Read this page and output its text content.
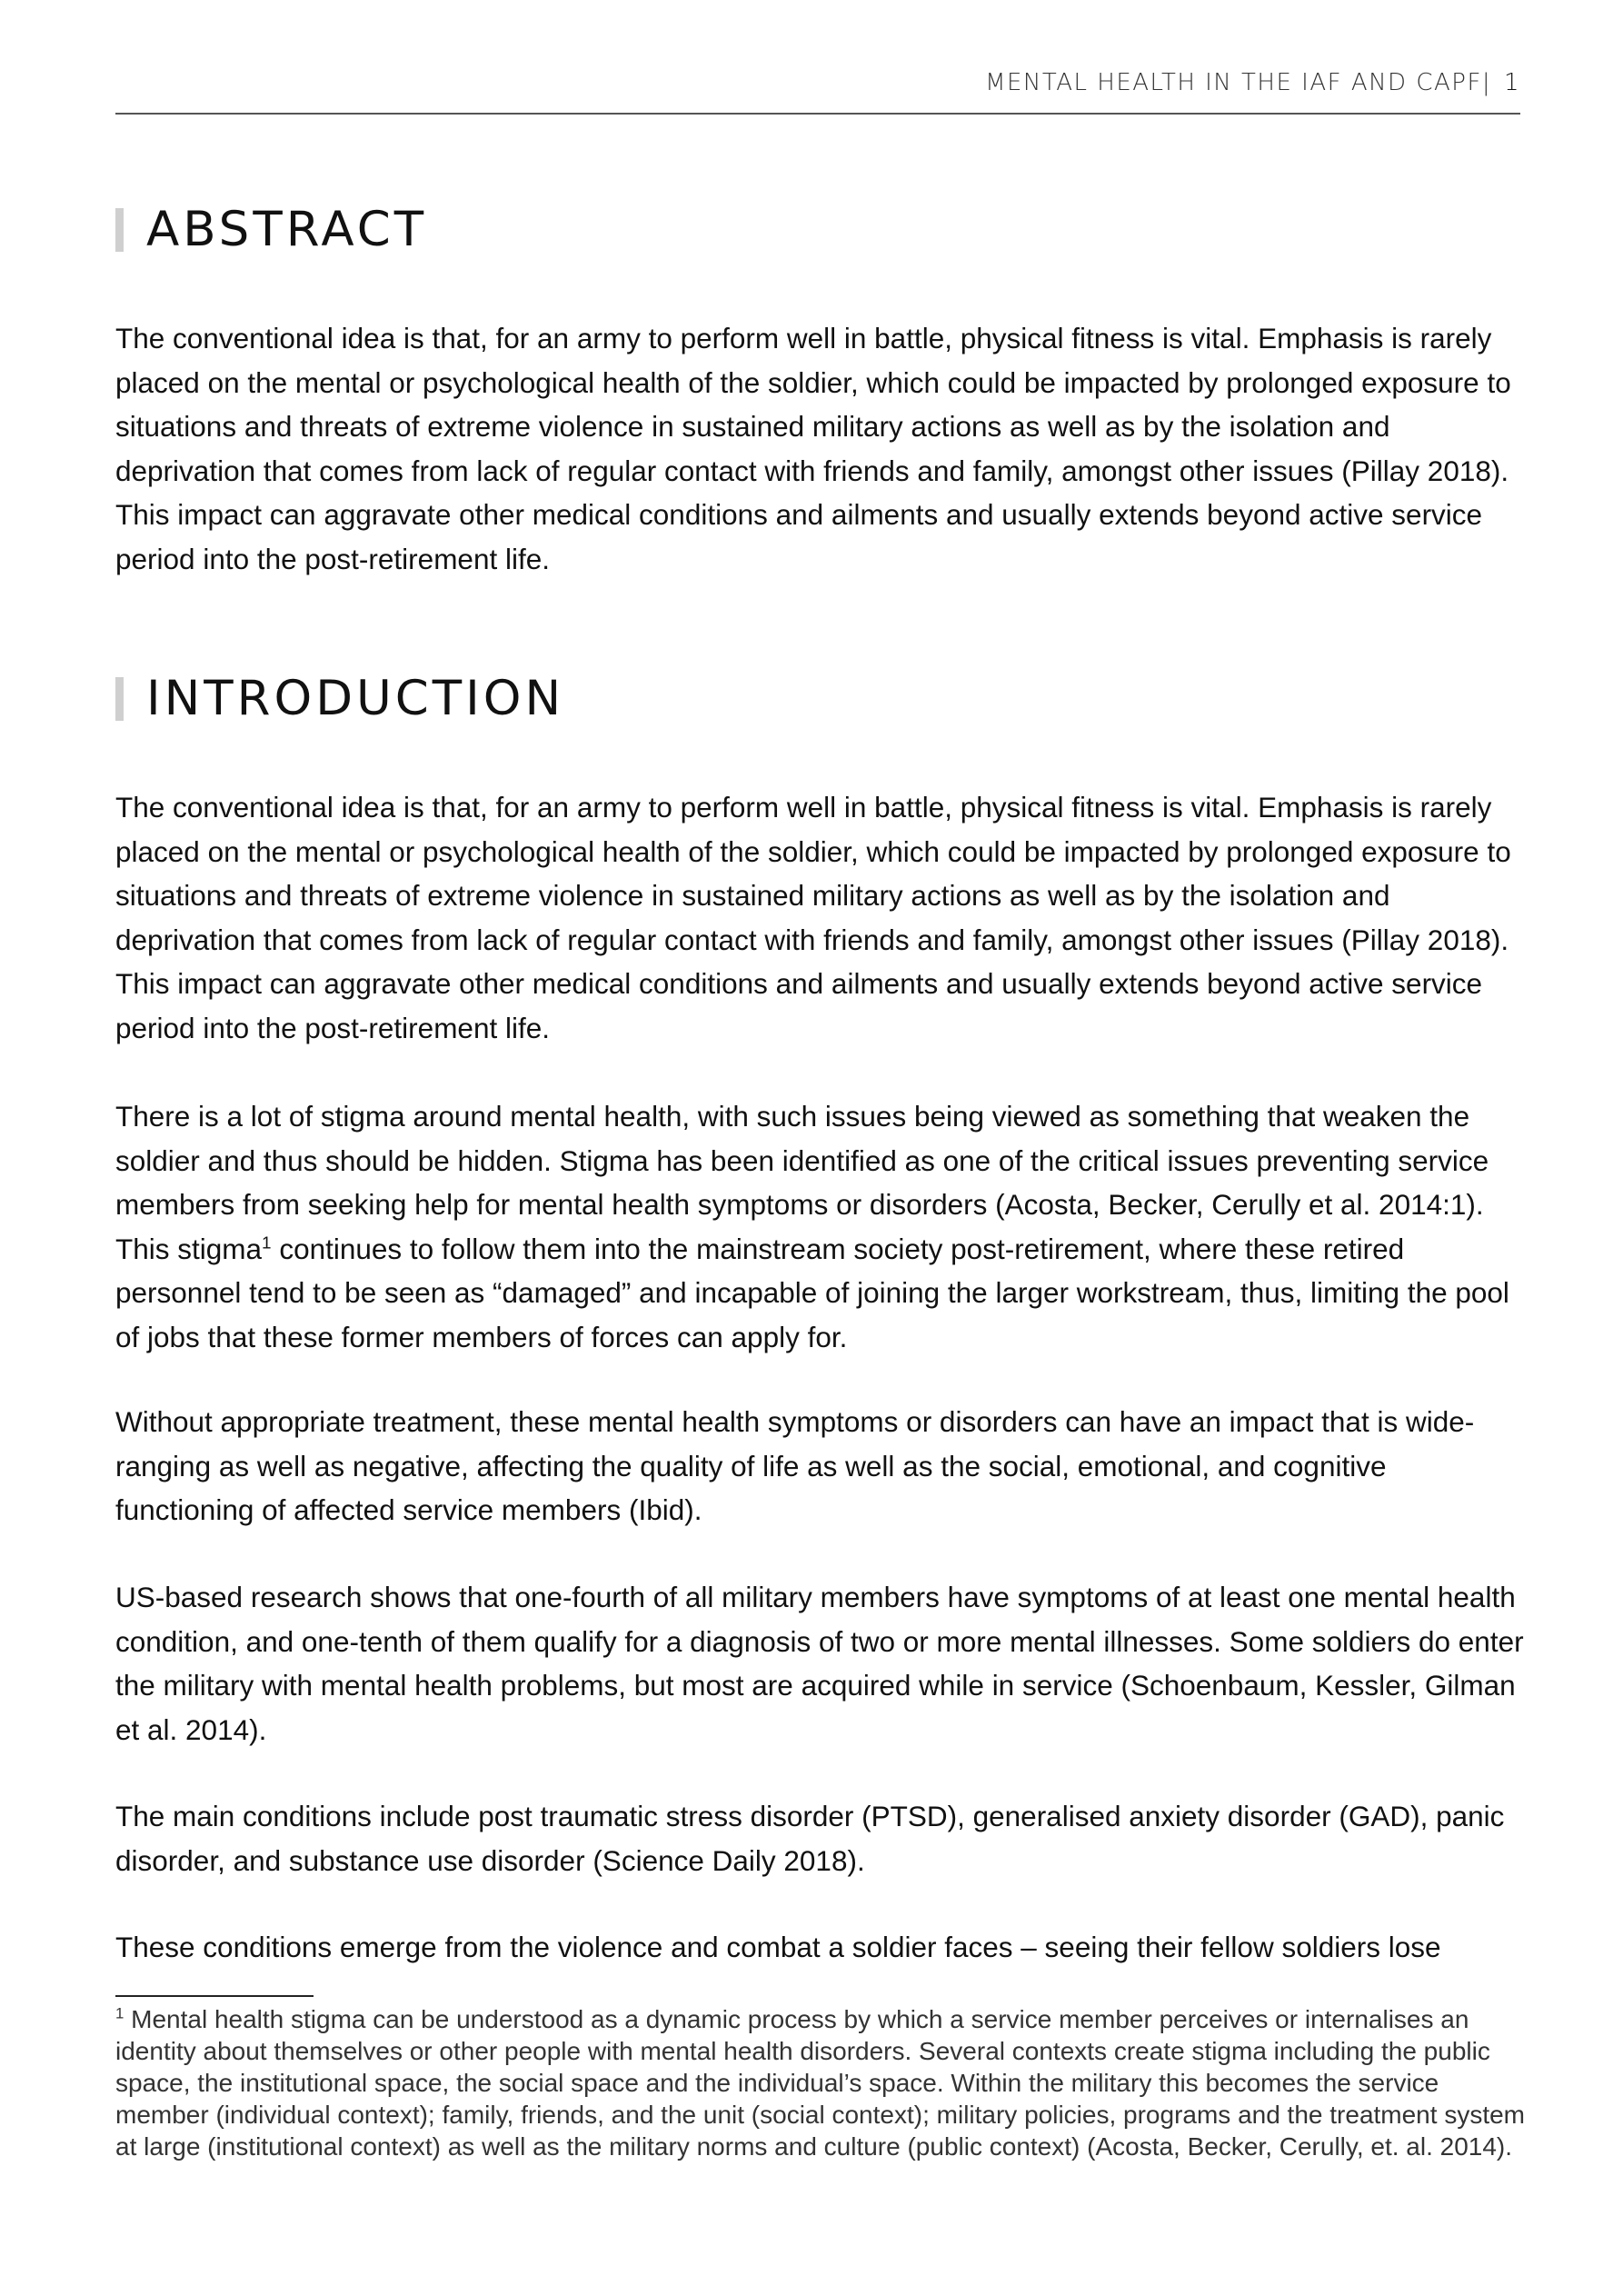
MENTAL HEALTH IN THE IAF AND CAPF| 1
ABSTRACT

The conventional idea is that, for an army to perform well in battle, physical fitness is vital. Emphasis is rarely placed on the mental or psychological health of the soldier, which could be impacted by prolonged exposure to situations and threats of extreme violence in sustained military actions as well as by the isolation and deprivation that comes from lack of regular contact with friends and family, amongst other issues (Pillay 2018). This impact can aggravate other medical conditions and ailments and usually extends beyond active service period into the post-retirement life.

INTRODUCTION

The conventional idea is that, for an army to perform well in battle, physical fitness is vital. Emphasis is rarely placed on the mental or psychological health of the soldier, which could be impacted by prolonged exposure to situations and threats of extreme violence in sustained military actions as well as by the isolation and deprivation that comes from lack of regular contact with friends and family, amongst other issues (Pillay 2018). This impact can aggravate other medical conditions and ailments and usually extends beyond active service period into the post-retirement life.

There is a lot of stigma around mental health, with such issues being viewed as something that weaken the soldier and thus should be hidden. Stigma has been identified as one of the critical issues preventing service members from seeking help for mental health symptoms or disorders (Acosta, Becker, Cerully et al. 2014:1). This stigma$^1$ continues to follow them into the mainstream society post-retirement, where these retired personnel tend to be seen as “damaged” and incapable of joining the larger workstream, thus, limiting the pool of jobs that these former members of forces can apply for.

Without appropriate treatment, these mental health symptoms or disorders can have an impact that is wide-ranging as well as negative, affecting the quality of life as well as the social, emotional, and cognitive functioning of affected service members (Ibid).

US-based research shows that one-fourth of all military members have symptoms of at least one mental health condition, and one-tenth of them qualify for a diagnosis of two or more mental illnesses. Some soldiers do enter the military with mental health problems, but most are acquired while in service (Schoenbaum, Kessler, Gilman et al. 2014).

The main conditions include post traumatic stress disorder (PTSD), generalised anxiety disorder (GAD), panic disorder, and substance use disorder (Science Daily 2018).

These conditions emerge from the violence and combat a soldier faces – seeing their fellow soldiers lose

$^1$ Mental health stigma can be understood as a dynamic process by which a service member perceives or internalises an identity about themselves or other people with mental health disorders. Several contexts create stigma including the public space, the institutional space, the social space and the individual’s space. Within the military this becomes the service member (individual context); family, friends, and the unit (social context); military policies, programs and the treatment system at large (institutional context) as well as the military norms and culture (public context) (Acosta, Becker, Cerully, et. al. 2014).
